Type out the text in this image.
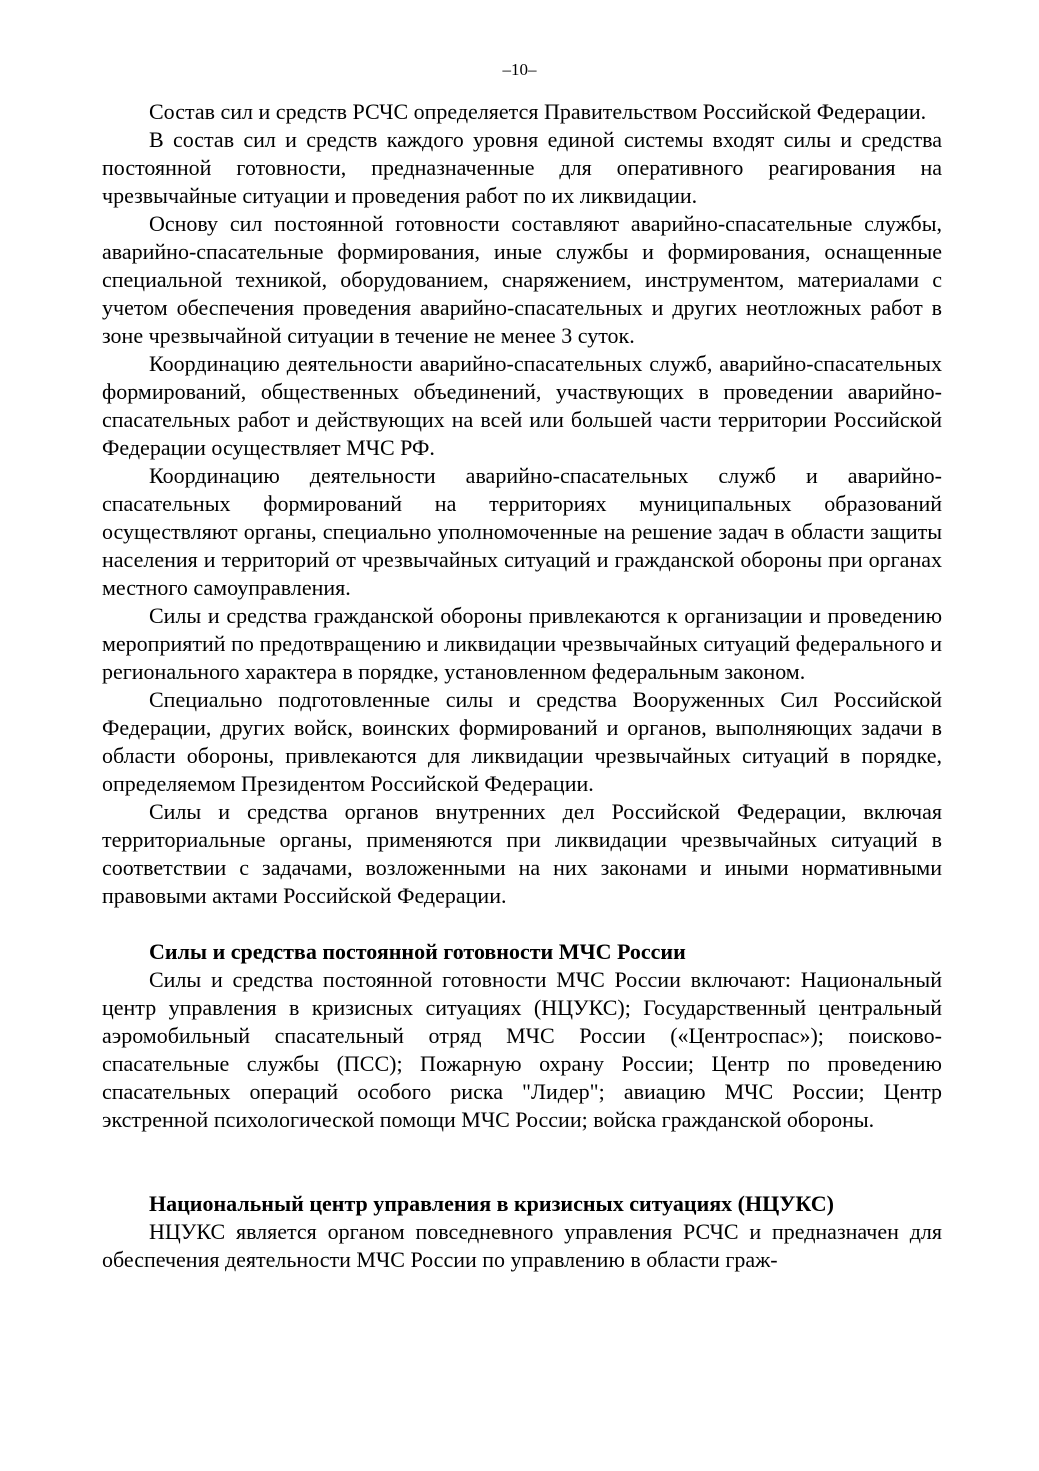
–10–

Состав сил и средств РСЧС определяется Правительством Российской Федерации.

В состав сил и средств каждого уровня единой системы входят силы и средства постоянной готовности, предназначенные для оперативного реагирования на чрезвычайные ситуации и проведения работ по их ликвидации.

Основу сил постоянной готовности составляют аварийно-спасательные службы, аварийно-спасательные формирования, иные службы и формирования, оснащенные специальной техникой, оборудованием, снаряжением, инструментом, материалами с учетом обеспечения проведения аварийно-спасательных и других неотложных работ в зоне чрезвычайной ситуации в течение не менее 3 суток.

Координацию деятельности аварийно-спасательных служб, аварийно-спасательных формирований, общественных объединений, участвующих в проведении аварийно-спасательных работ и действующих на всей или большей части территории Российской Федерации осуществляет МЧС РФ.

Координацию деятельности аварийно-спасательных служб и аварийно-спасательных формирований на территориях муниципальных образований осуществляют органы, специально уполномоченные на решение задач в области защиты населения и территорий от чрезвычайных ситуаций и гражданской обороны при органах местного самоуправления.

Силы и средства гражданской обороны привлекаются к организации и проведению мероприятий по предотвращению и ликвидации чрезвычайных ситуаций федерального и регионального характера в порядке, установленном федеральным законом.

Специально подготовленные силы и средства Вооруженных Сил Российской Федерации, других войск, воинских формирований и органов, выполняющих задачи в области обороны, привлекаются для ликвидации чрезвычайных ситуаций в порядке, определяемом Президентом Российской Федерации.

Силы и средства органов внутренних дел Российской Федерации, включая территориальные органы, применяются при ликвидации чрезвычайных ситуаций в соответствии с задачами, возложенными на них законами и иными нормативными правовыми актами Российской Федерации.

Силы и средства постоянной готовности МЧС России

Силы и средства постоянной готовности МЧС России включают: Национальный центр управления в кризисных ситуациях (НЦУКС); Государственный центральный аэромобильный спасательный отряд МЧС России («Центроспас»); поисково-спасательные службы (ПСС); Пожарную охрану России; Центр по проведению спасательных операций особого риска "Лидер"; авиацию МЧС России; Центр экстренной психологической помощи МЧС России; войска гражданской обороны.

Национальный центр управления в кризисных ситуациях (НЦУКС)

НЦУКС является органом повседневного управления РСЧС и предназначен для обеспечения деятельности МЧС России по управлению в области граж-
